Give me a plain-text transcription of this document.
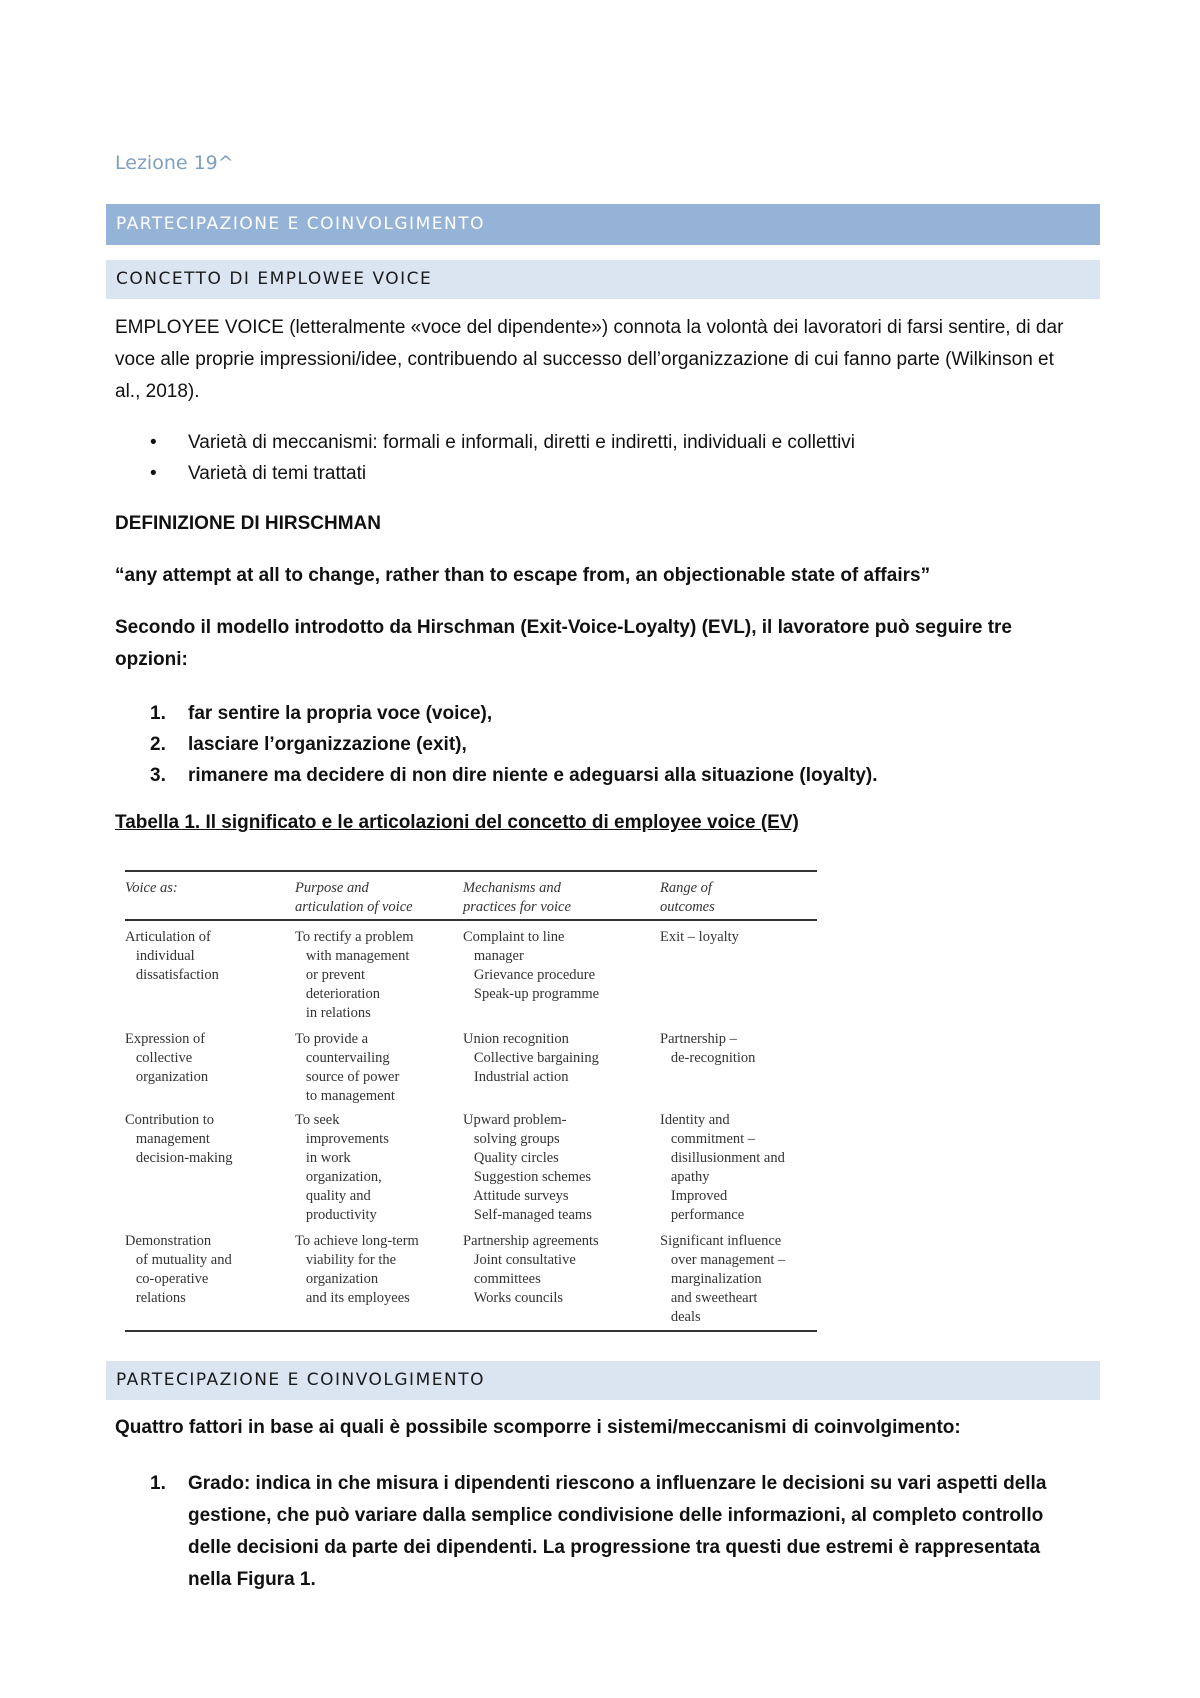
Lezione 19^
PARTECIPAZIONE E COINVOLGIMENTO
CONCETTO DI EMPLOWEE VOICE
EMPLOYEE VOICE (letteralmente «voce del dipendente») connota la volontà dei lavoratori di farsi sentire, di dar voce alle proprie impressioni/idee, contribuendo al successo dell’organizzazione di cui fanno parte (Wilkinson et al., 2018).
• Varietà di meccanismi: formali e informali, diretti e indiretti, individuali e collettivi
• Varietà di temi trattati
DEFINIZIONE DI HIRSCHMAN
“any attempt at all to change, rather than to escape from, an objectionable state of affairs”
Secondo il modello introdotto da Hirschman (Exit-Voice-Loyalty) (EVL), il lavoratore può seguire tre opzioni:
1. far sentire la propria voce (voice),
2. lasciare l’organizzazione (exit),
3. rimanere ma decidere di non dire niente e adeguarsi alla situazione (loyalty).
Tabella 1. Il significato e le articolazioni del concetto di employee voice (EV)
Voice as:	Purpose and
articulation of voice
Mechanisms and
practices for voice
Range of
outcomes
Articulation of
individual
dissatisfaction
To rectify a problem
with management
or prevent
deterioration
in relations
Complaint to line
manager
Grievance procedure
Speak-up programme
Exit – loyalty
Expression of
collective
organization
To provide a
countervailing
source of power
to management
Union recognition
Collective bargaining
Industrial action
Partnership –
de-recognition
Contribution to
management
decision-making
To seek
improvements
in work
organization,
quality and
productivity
Upward problem-
solving groups
Quality circles
Suggestion schemes
Attitude surveys
Self-managed teams
Identity and
commitment –
disillusionment and
apathy
Improved
performance
Demonstration
of mutuality and
co-operative
relations
To achieve long-term
viability for the
organization
and its employees
Partnership agreements
Joint consultative
committees
Works councils
Significant influence
over management –
marginalization
and sweetheart
deals
PARTECIPAZIONE E COINVOLGIMENTO
Quattro fattori in base ai quali è possibile scomporre i sistemi/meccanismi di coinvolgimento:
1. Grado: indica in che misura i dipendenti riescono a influenzare le decisioni su vari aspetti della gestione, che può variare dalla semplice condivisione delle informazioni, al completo controllo delle decisioni da parte dei dipendenti. La progressione tra questi due estremi è rappresentata nella Figura 1.
